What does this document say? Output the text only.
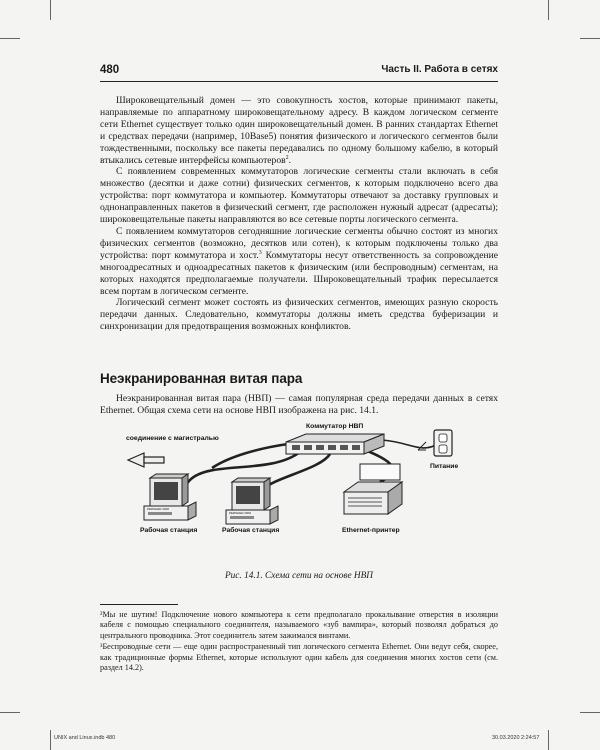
480	Часть II. Работа в сетях

Широковещательный домен — это совокупность хостов, которые принимают пакеты, направляемые по аппаратному широковещательному адресу. В каждом логическом сегменте сети Ethernet существует только один широковещательный домен. В ранних стандартах Ethernet и средствах передачи (например, 10Base5) понятия физического и логического сегментов были тождественными, поскольку все пакеты передавались по одному большому кабелю, в который втыкались сетевые интерфейсы компьютеров$^2$.

С появлением современных коммутаторов логические сегменты стали включать в себя множество (десятки и даже сотни) физических сегментов, к которым подключено всего два устройства: порт коммутатора и компьютер. Коммутаторы отвечают за доставку групповых и однонаправленных пакетов в физический сегмент, где расположен нужный адресат (адресаты); широковещательные пакеты направляются во все сетевые порты логического сегмента.

С появлением коммутаторов сегодняшние логические сегменты обычно состоят из многих физических сегментов (возможно, десятков или сотен), к которым подключены только два устройства: порт коммутатора и хост.$^3$ Коммутаторы несут ответственность за сопровождение многоадресатных и одноадресатных пакетов к физическим (или беспроводным) сегментам, на которых находятся предполагаемые получатели. Широковещательный трафик пересылается всем портам в логическом сегменте.

Логический сегмент может состоять из физических сегментов, имеющих разную скорость передачи данных. Следовательно, коммутаторы должны иметь средства буферизации и синхронизации для предотвращения возможных конфликтов.

Неэкранированная витая пара

Неэкранированная витая пара (НВП) — самая популярная среда передачи данных в сетях Ethernet. Общая схема сети на основе НВП изображена на рис. 14.1.

соединение с магистралью
Коммутатор НВП
Питание
PERSHER 2000
Рабочая станция
PERSHER 2000
Рабочая станция	Ethernet-принтер
Рис. 14.1. Схема сети на основе НВП

²Мы не шутим! Подключение нового компьютера к сети предполагало прокалывание отверстия в изоляции кабеля с помощью специального соединителя, называемого «зуб вампира», который позволял добраться до центрального проводника. Этот соединитель затем зажимался винтами.

³Беспроводные сети — еще один распространенный тип логического сегмента Ethernet. Они ведут себя, скорее, как традиционные формы Ethernet, которые используют один кабель для соединения многих хостов сети (см. раздел 14.2).

UNIX and Linux.indb 480	30.03.2020 2:24:57
